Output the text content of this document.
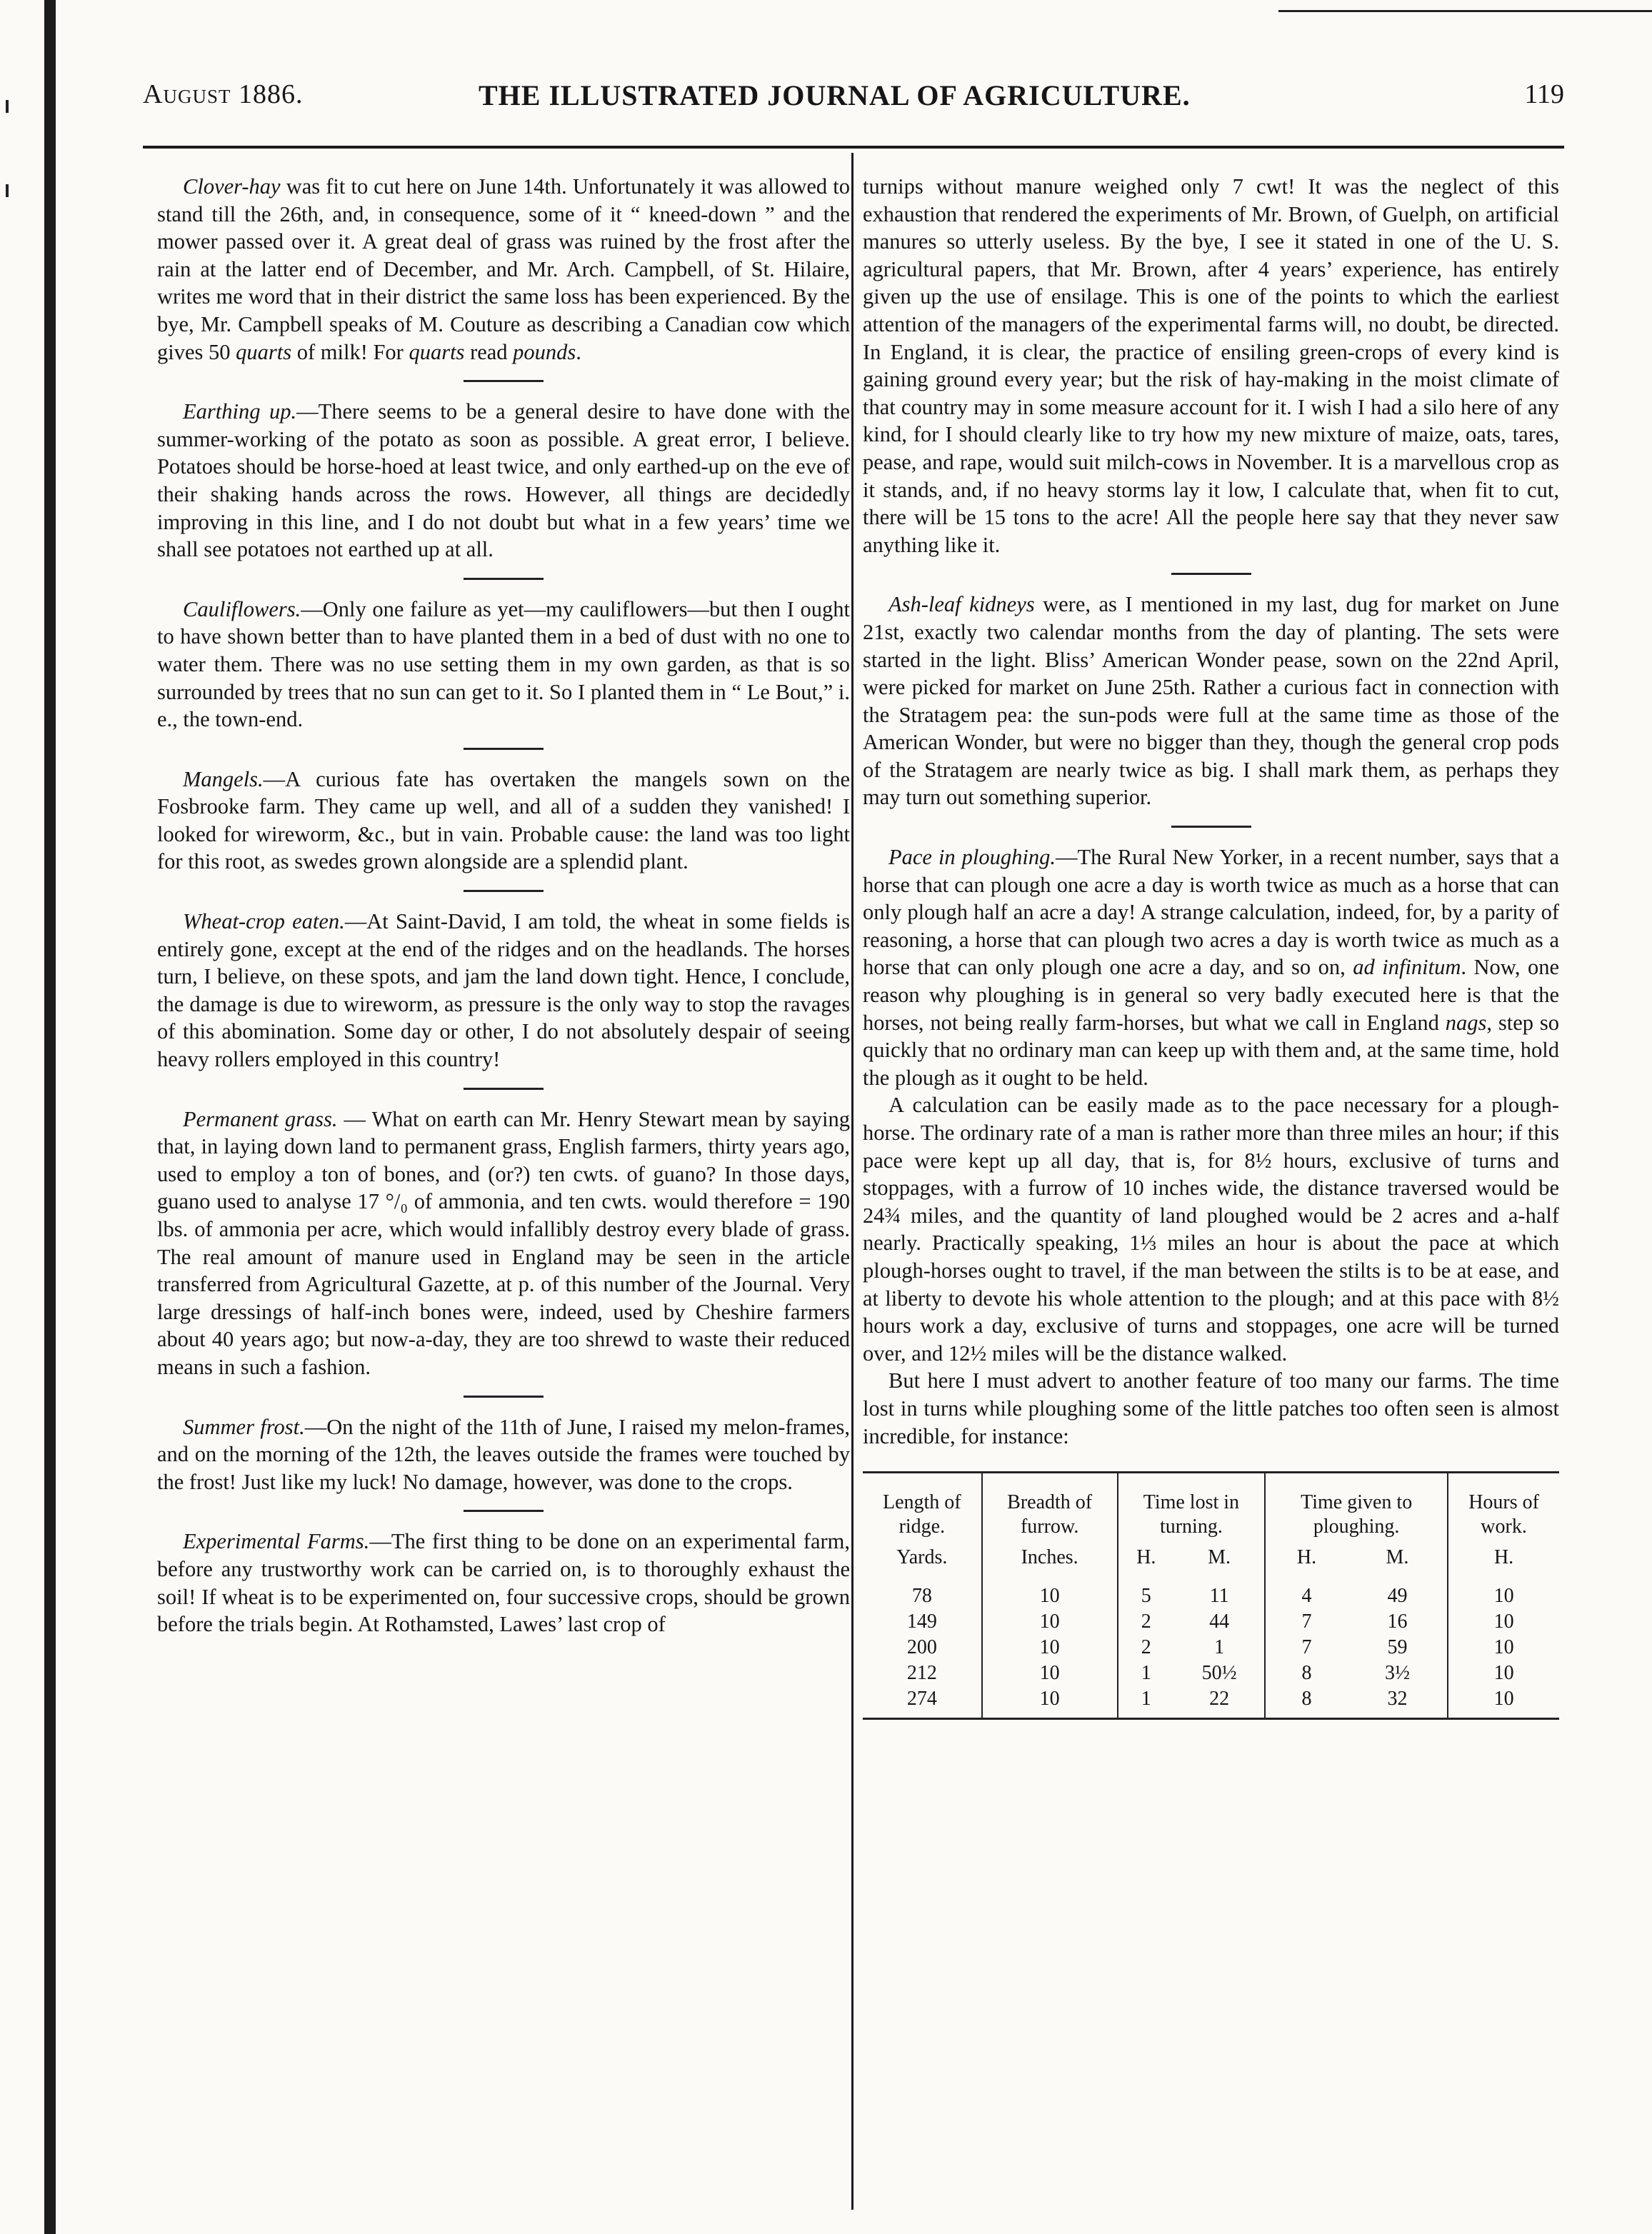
August 1886.	THE ILLUSTRATED JOURNAL OF AGRICULTURE.	119

Clover-hay was fit to cut here on June 14th. Unfortunately it was allowed to stand till the 26th, and, in consequence, some of it “ kneed-down ” and the mower passed over it. A great deal of grass was ruined by the frost after the rain at the latter end of December, and Mr. Arch. Campbell, of St. Hilaire, writes me word that in their district the same loss has been experienced. By the bye, Mr. Campbell speaks of M. Couture as describing a Canadian cow which gives 50 quarts of milk! For quarts read pounds.

Earthing up.—There seems to be a general desire to have done with the summer-working of the potato as soon as possible. A great error, I believe. Potatoes should be horse-hoed at least twice, and only earthed-up on the eve of their shaking hands across the rows. However, all things are decidedly improving in this line, and I do not doubt but what in a few years’ time we shall see potatoes not earthed up at all.

Cauliflowers.—Only one failure as yet—my cauliflowers—but then I ought to have shown better than to have planted them in a bed of dust with no one to water them. There was no use setting them in my own garden, as that is so surrounded by trees that no sun can get to it. So I planted them in “ Le Bout,” i. e., the town-end.

Mangels.—A curious fate has overtaken the mangels sown on the Fosbrooke farm. They came up well, and all of a sudden they vanished! I looked for wireworm, &c., but in vain. Probable cause: the land was too light for this root, as swedes grown alongside are a splendid plant.

Wheat-crop eaten.—At Saint-David, I am told, the wheat in some fields is entirely gone, except at the end of the ridges and on the headlands. The horses turn, I believe, on these spots, and jam the land down tight. Hence, I conclude, the damage is due to wireworm, as pressure is the only way to stop the ravages of this abomination. Some day or other, I do not absolutely despair of seeing heavy rollers employed in this country!

Permanent grass. — What on earth can Mr. Henry Stewart mean by saying that, in laying down land to permanent grass, English farmers, thirty years ago, used to employ a ton of bones, and (or?) ten cwts. of guano? In those days, guano used to analyse 17 °/₀ of ammonia, and ten cwts. would therefore = 190 lbs. of ammonia per acre, which would infallibly destroy every blade of grass. The real amount of manure used in England may be seen in the article transferred from Agricultural Gazette, at p. of this number of the Journal. Very large dressings of half-inch bones were, indeed, used by Cheshire farmers about 40 years ago; but now-a-day, they are too shrewd to waste their reduced means in such a fashion.

Summer frost.—On the night of the 11th of June, I raised my melon-frames, and on the morning of the 12th, the leaves outside the frames were touched by the frost! Just like my luck! No damage, however, was done to the crops.

Experimental Farms.—The first thing to be done on an experimental farm, before any trustworthy work can be carried on, is to thoroughly exhaust the soil! If wheat is to be experimented on, four successive crops, should be grown before the trials begin. At Rothamsted, Lawes’ last crop of

turnips without manure weighed only 7 cwt! It was the neglect of this exhaustion that rendered the experiments of Mr. Brown, of Guelph, on artificial manures so utterly useless. By the bye, I see it stated in one of the U. S. agricultural papers, that Mr. Brown, after 4 years’ experience, has entirely given up the use of ensilage. This is one of the points to which the earliest attention of the managers of the experimental farms will, no doubt, be directed. In England, it is clear, the practice of ensiling green-crops of every kind is gaining ground every year; but the risk of hay-making in the moist climate of that country may in some measure account for it. I wish I had a silo here of any kind, for I should clearly like to try how my new mixture of maize, oats, tares, pease, and rape, would suit milch-cows in November. It is a marvellous crop as it stands, and, if no heavy storms lay it low, I calculate that, when fit to cut, there will be 15 tons to the acre! All the people here say that they never saw anything like it.

Ash-leaf kidneys were, as I mentioned in my last, dug for market on June 21st, exactly two calendar months from the day of planting. The sets were started in the light. Bliss’ American Wonder pease, sown on the 22nd April, were picked for market on June 25th. Rather a curious fact in connection with the Stratagem pea: the sun-pods were full at the same time as those of the American Wonder, but were no bigger than they, though the general crop pods of the Stratagem are nearly twice as big. I shall mark them, as perhaps they may turn out something superior.

Pace in ploughing.—The Rural New Yorker, in a recent number, says that a horse that can plough one acre a day is worth twice as much as a horse that can only plough half an acre a day! A strange calculation, indeed, for, by a parity of reasoning, a horse that can plough two acres a day is worth twice as much as a horse that can only plough one acre a day, and so on, ad infinitum. Now, one reason why ploughing is in general so very badly executed here is that the horses, not being really farm-horses, but what we call in England nags, step so quickly that no ordinary man can keep up with them and, at the same time, hold the plough as it ought to be held.

A calculation can be easily made as to the pace necessary for a plough-horse. The ordinary rate of a man is rather more than three miles an hour; if this pace were kept up all day, that is, for 8½ hours, exclusive of turns and stoppages, with a furrow of 10 inches wide, the distance traversed would be 24¾ miles, and the quantity of land ploughed would be 2 acres and a-half nearly. Practically speaking, 1⅓ miles an hour is about the pace at which plough-horses ought to travel, if the man between the stilts is to be at ease, and at liberty to devote his whole attention to the plough; and at this pace with 8½ hours work a day, exclusive of turns and stoppages, one acre will be turned over, and 12½ miles will be the distance walked.

But here I must advert to another feature of too many our farms. The time lost in turns while ploughing some of the little patches too often seen is almost incredible, for instance:

Length of ridge.	Breadth of furrow.	Time lost in turning.		Time given to ploughing.		Hours of work.
Yards.	Inches.	H.	M.	H.	M.	H.
78	10	5	11	4	49	10
149	10	2	44	7	16	10
200	10	2	1	7	59	10
212	10	1	50½	8	3½	10
274	10	1	22	8	32	10
